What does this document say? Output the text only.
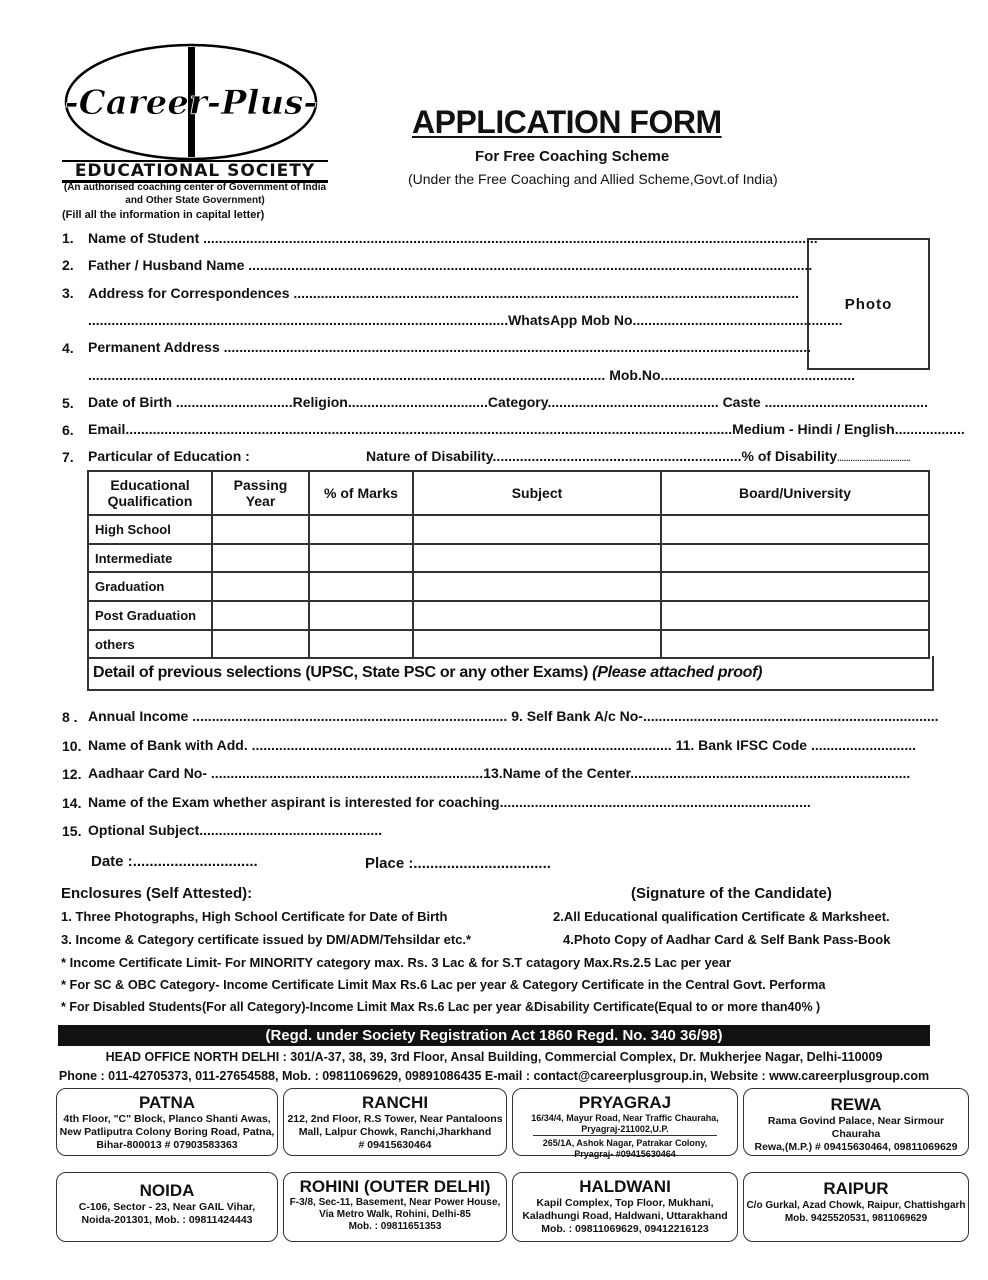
-Career-Plus-
EDUCATIONAL SOCIETY
(An authorised coaching center of Government of India
and Other State Government)
(Fill all the information in capital letter)
APPLICATION FORM
For Free Coaching Scheme
(Under the Free Coaching and Allied Scheme,Govt.of India)
Photo
1. Name of Student ..............................................................................................................................................................
2. Father / Husband Name .................................................................................................................................................
3. Address for Correspondences ..................................................................................................................................
............................................................................................................WhatsApp Mob No......................................................
4. Permanent Address .......................................................................................................................................................
..................................................................................................................................... Mob.No..................................................
5. Date of Birth ..............................Religion....................................Category............................................ Caste ..........................................
6. Email............................................................................................................................................................Medium - Hindi / English..................
7. Particular of Education :	Nature of Disability................................................................% of Disability.................................
Educational Qualification	Passing Year	% of Marks	Subject	Board/University
High School				
Intermediate				
Graduation				
Post Graduation				
others				
Detail of previous selections (UPSC, State PSC or any other Exams) (Please attached proof)
8 . Annual Income ................................................................................. 9. Self Bank A/c No-............................................................................
10. Name of Bank with Add. ............................................................................................................ 11. Bank IFSC Code ...........................
12. Aadhaar Card No- ......................................................................13.Name of the Center........................................................................
14. Name of the Exam whether aspirant is interested for coaching................................................................................
15. Optional Subject...............................................
Date :..............................	Place :.................................
Enclosures (Self Attested):	(Signature of the Candidate)
1. Three Photographs, High School Certificate for Date of Birth	2.All Educational qualification Certificate & Marksheet.
3. Income & Category certificate issued by DM/ADM/Tehsildar etc.*	4.Photo Copy of Aadhar Card & Self Bank Pass-Book
* Income Certificate Limit- For MINORITY category max. Rs. 3 Lac & for S.T catagory Max.Rs.2.5 Lac per year
* For SC & OBC Category- Income Certificate Limit Max Rs.6 Lac per year & Category Certificate in the Central Govt. Performa
* For Disabled Students(For all Category)-Income Limit Max Rs.6 Lac per year &Disability Certificate(Equal to or more than40% )
(Regd. under Society Registration Act 1860 Regd. No. 340 36/98)
HEAD OFFICE NORTH DELHI : 301/A-37, 38, 39, 3rd Floor, Ansal Building, Commercial Complex, Dr. Mukherjee Nagar, Delhi-110009
Phone : 011-42705373, 011-27654588, Mob. : 09811069629, 09891086435 E-mail : contact@careerplusgroup.in, Website : www.careerplusgroup.com
PATNA
4th Floor, "C" Block, Planco Shanti Awas,
New Patliputra Colony Boring Road, Patna,
Bihar-800013 # 07903583363
RANCHI
212, 2nd Floor, R.S Tower, Near Pantaloons
Mall, Lalpur Chowk, Ranchi,Jharkhand
# 09415630464
PRYAGRAJ
16/34/4, Mayur Road, Near Traffic Chauraha,
Pryagraj-211002,U.P.
265/1A, Ashok Nagar, Patrakar Colony,
Pryagraj- #09415630464
REWA
Rama Govind Palace, Near Sirmour Chauraha
Rewa,(M.P.) # 09415630464, 09811069629
NOIDA
C-106, Sector - 23, Near GAIL Vihar,
Noida-201301, Mob. : 09811424443
ROHINI (OUTER DELHI)
F-3/8, Sec-11, Basement, Near Power House,
Via Metro Walk, Rohini, Delhi-85
Mob. : 09811651353
HALDWANI
Kapil Complex, Top Floor, Mukhani,
Kaladhungi Road, Haldwani, Uttarakhand
Mob. : 09811069629, 09412216123
RAIPUR
C/o Gurkal, Azad Chowk, Raipur, Chattishgarh
Mob. 9425520531, 9811069629
